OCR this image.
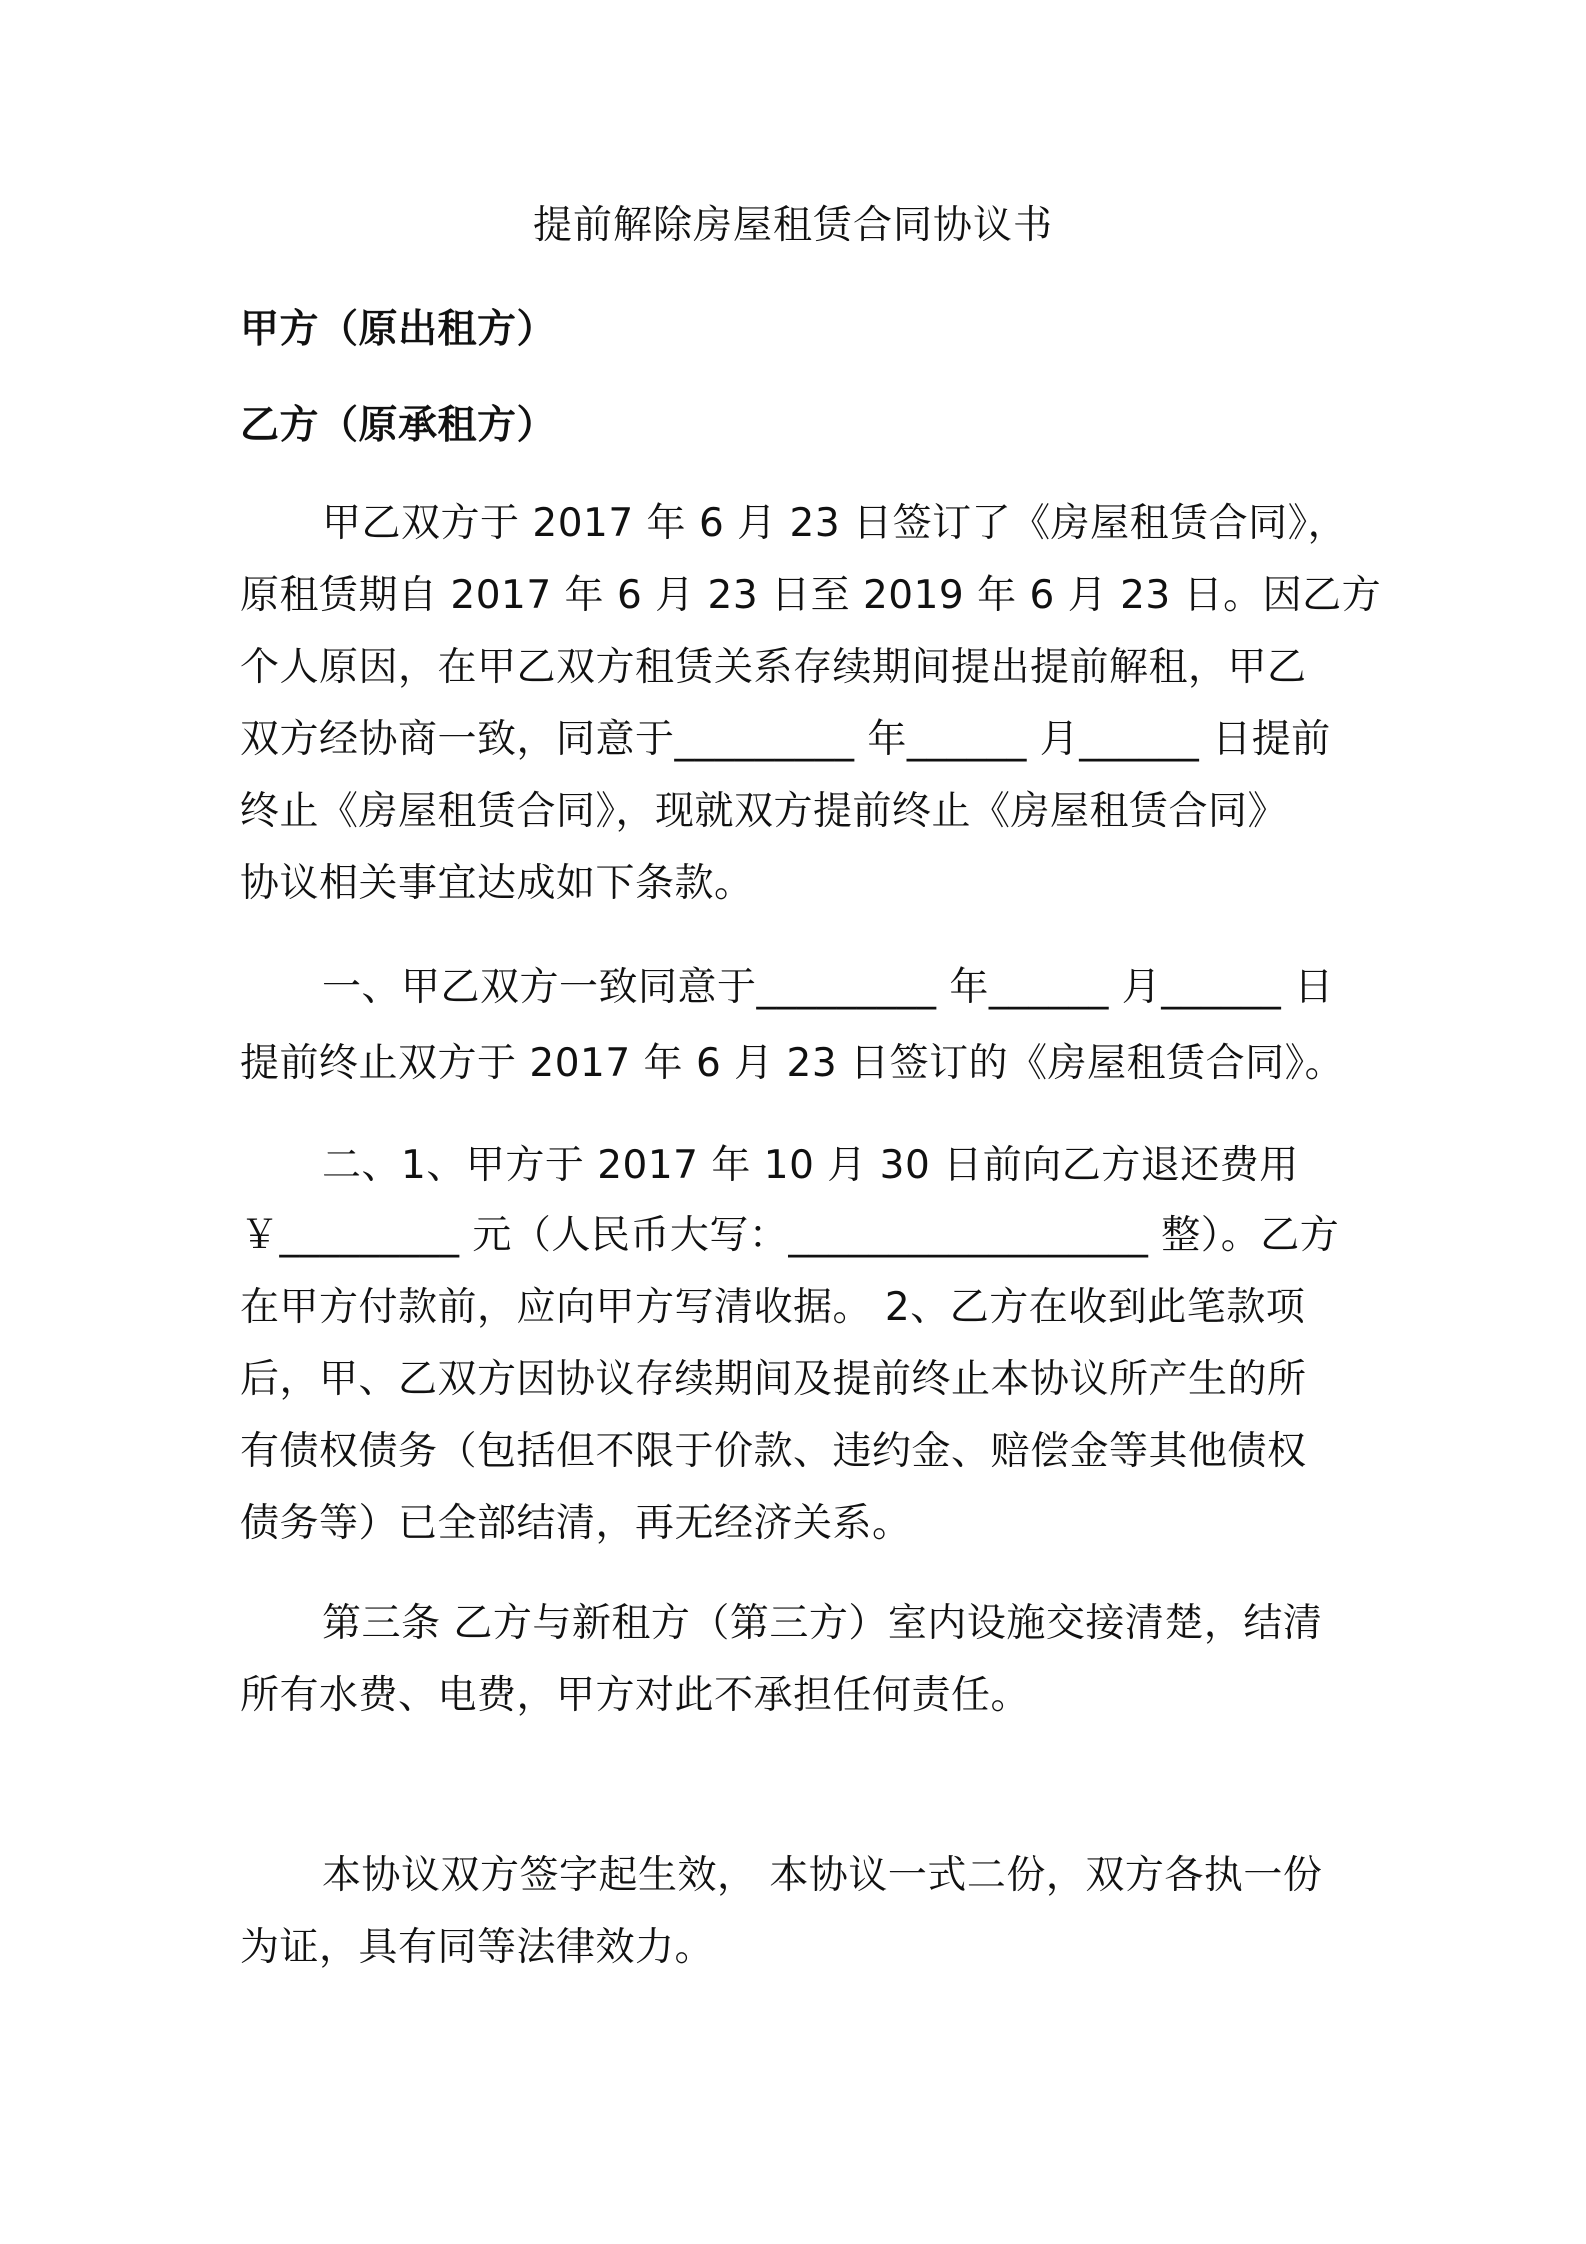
提前解除房屋租赁合同协议书
甲方（原出租方）
乙方（原承租方）
甲乙双方于 2017 年 6 月 23 日签订了《房屋租赁合同》，
原租赁期自 2017 年 6 月 23 日至 2019 年 6 月 23 日。因乙方
个人原因，在甲乙双方租赁关系存续期间提出提前解租，甲乙
双方经协商一致，同意于_________ 年______ 月______ 日提前
终止《房屋租赁合同》，现就双方提前终止《房屋租赁合同》
协议相关事宜达成如下条款。
一、甲乙双方一致同意于_________ 年______ 月______ 日
提前终止双方于 2017 年 6 月 23 日签订的《房屋租赁合同》。
二、1、甲方于 2017 年 10 月 30 日前向乙方退还费用
￥_________ 元（人民币大写：__________________ 整）。乙方
在甲方付款前，应向甲方写清收据。 2、乙方在收到此笔款项
后，甲、乙双方因协议存续期间及提前终止本协议所产生的所
有债权债务（包括但不限于价款、违约金、赔偿金等其他债权
债务等）已全部结清，再无经济关系。
第三条 乙方与新租方（第三方）室内设施交接清楚，结清
所有水费、电费，甲方对此不承担任何责任。
本协议双方签字起生效， 本协议一式二份，双方各执一份
为证，具有同等法律效力。
